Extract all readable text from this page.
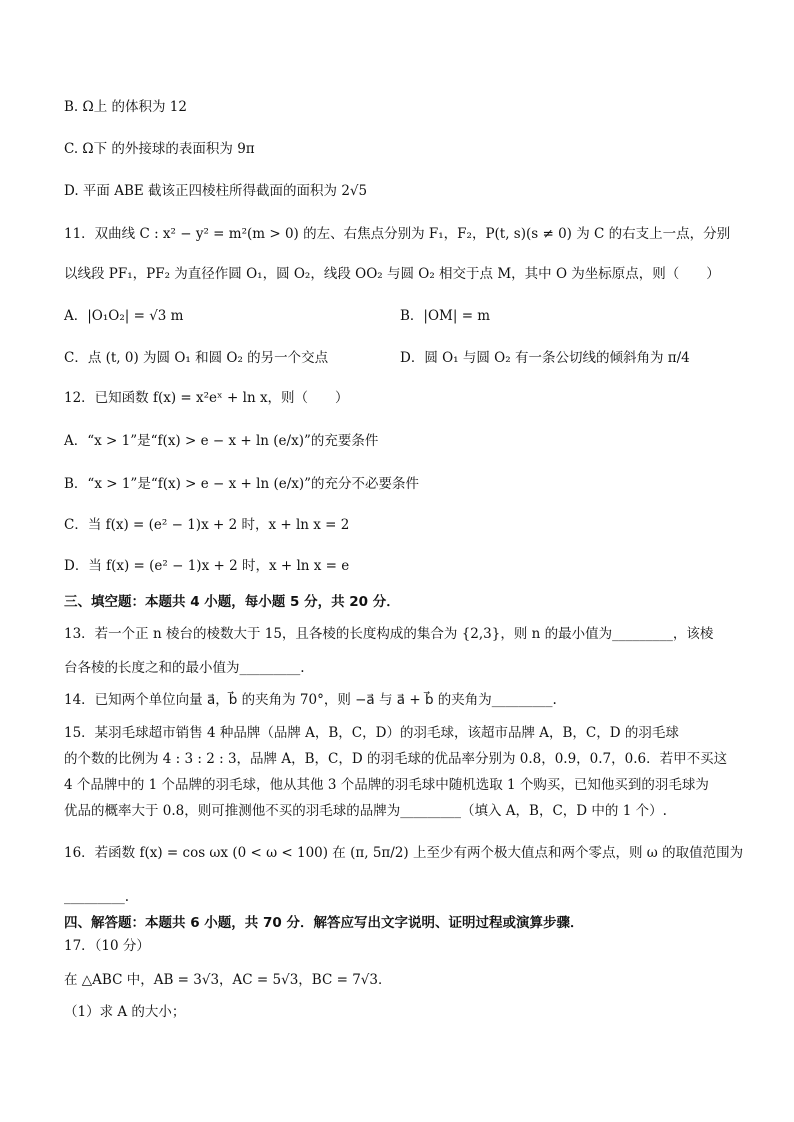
B. Ω上 的体积为 12
C. Ω下 的外接球的表面积为 9π
D. 平面 ABE 截该正四棱柱所得截面的面积为 2√5
11．双曲线 C : x² − y² = m²(m > 0) 的左、右焦点分别为 F₁，F₂，P(t, s)(s ≠ 0) 为 C 的右支上一点，分别
以线段 PF₁，PF₂ 为直径作圆 O₁，圆 O₂，线段 OO₂ 与圆 O₂ 相交于点 M，其中 O 为坐标原点，则（　　）
A．|O₁O₂| = √3 m	B．|OM| = m
C．点 (t, 0) 为圆 O₁ 和圆 O₂ 的另一个交点	D．圆 O₁ 与圆 O₂ 有一条公切线的倾斜角为 π/4
12．已知函数 f(x) = x²eˣ + ln x，则（　　）
A．“x > 1”是“f(x) > e − x + ln (e/x)”的充要条件
B．“x > 1”是“f(x) > e − x + ln (e/x)”的充分不必要条件
C．当 f(x) = (e² − 1)x + 2 时，x + ln x = 2
D．当 f(x) = (e² − 1)x + 2 时，x + ln x = e
三、填空题：本题共 4 小题，每小题 5 分，共 20 分．
13．若一个正 n 棱台的棱数大于 15，且各棱的长度构成的集合为 {2,3}，则 n 的最小值为_________，该棱
台各棱的长度之和的最小值为_________.
14．已知两个单位向量 a⃗，b⃗ 的夹角为 70°，则 −a⃗ 与 a⃗ + b⃗ 的夹角为_________.
15．某羽毛球超市销售 4 种品牌（品牌 A，B，C，D）的羽毛球，该超市品牌 A，B，C，D 的羽毛球
的个数的比例为 4 : 3 : 2 : 3，品牌 A，B，C，D 的羽毛球的优品率分别为 0.8，0.9，0.7，0.6．若甲不买这
4 个品牌中的 1 个品牌的羽毛球，他从其他 3 个品牌的羽毛球中随机选取 1 个购买，已知他买到的羽毛球为
优品的概率大于 0.8，则可推测他不买的羽毛球的品牌为_________（填入 A，B，C，D 中的 1 个）.
16．若函数 f(x) = cos ωx (0 < ω < 100) 在 (π, 5π/2) 上至少有两个极大值点和两个零点，则 ω 的取值范围为
_________.
四、解答题：本题共 6 小题，共 70 分．解答应写出文字说明、证明过程或演算步骤．
17．（10 分）
在 △ABC 中，AB = 3√3，AC = 5√3，BC = 7√3．
（1）求 A 的大小；
